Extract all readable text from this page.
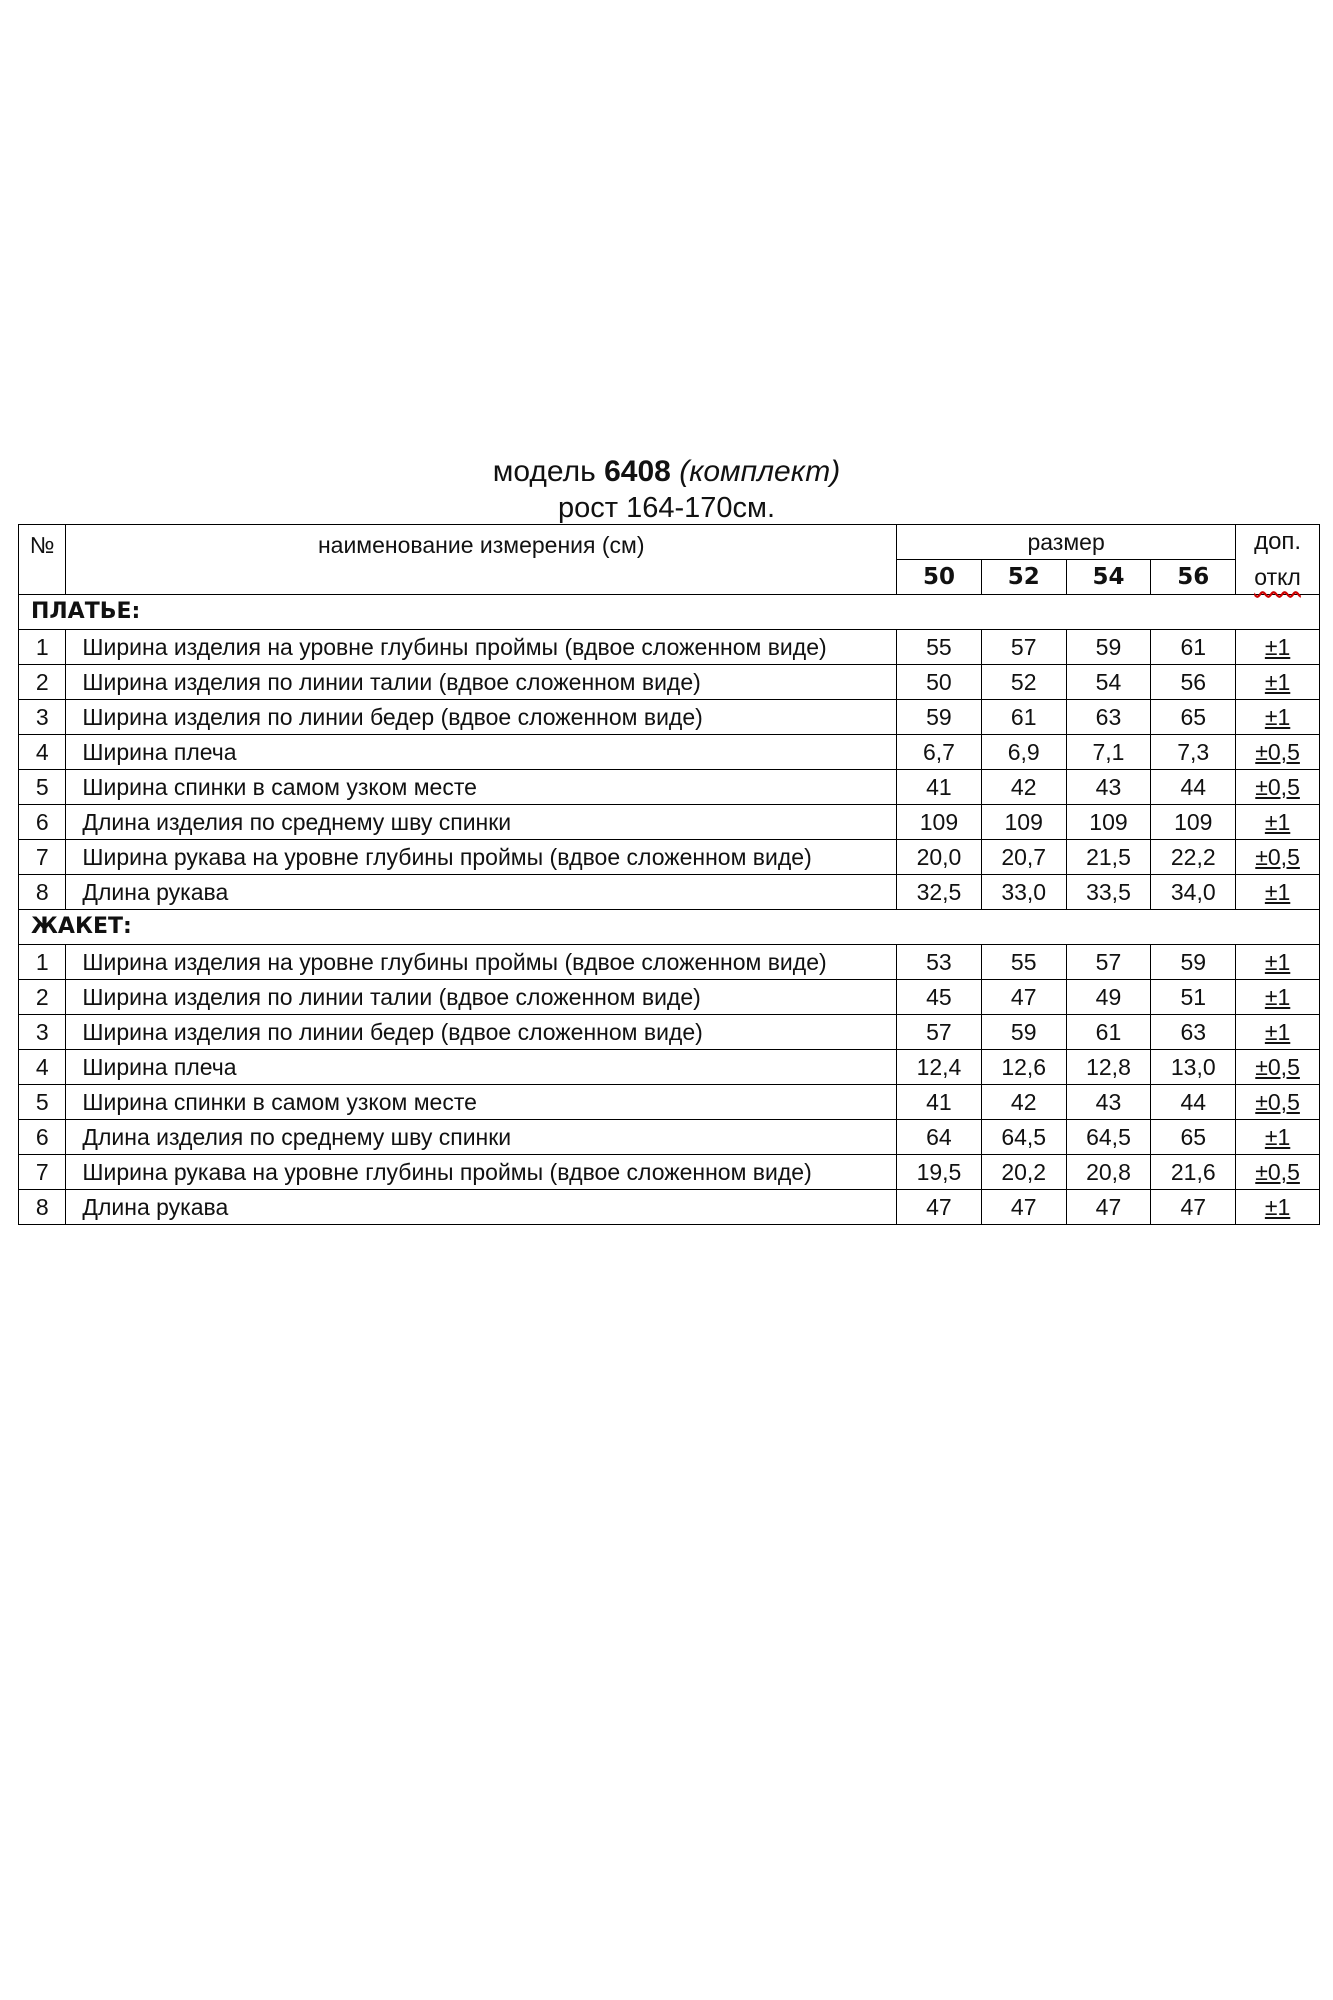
модель 6408 (комплект)
рост 164-170см.
№	наименование измерения (см)	размер				доп.
		50	52	54	56	откл
ПЛАТЬЕ:						
1	Ширина изделия на уровне глубины проймы (вдвое сложенном виде)	55	57	59	61	±1
2	Ширина изделия по линии талии (вдвое сложенном виде)	50	52	54	56	±1
3	Ширина изделия по линии бедер (вдвое сложенном виде)	59	61	63	65	±1
4	Ширина плеча	6,7	6,9	7,1	7,3	±0,5
5	Ширина спинки в самом узком месте	41	42	43	44	±0,5
6	Длина изделия по среднему шву спинки	109	109	109	109	±1
7	Ширина рукава на уровне глубины проймы (вдвое сложенном виде)	20,0	20,7	21,5	22,2	±0,5
8	Длина рукава	32,5	33,0	33,5	34,0	±1
ЖАКЕТ:						
1	Ширина изделия на уровне глубины проймы (вдвое сложенном виде)	53	55	57	59	±1
2	Ширина изделия по линии талии (вдвое сложенном виде)	45	47	49	51	±1
3	Ширина изделия по линии бедер (вдвое сложенном виде)	57	59	61	63	±1
4	Ширина плеча	12,4	12,6	12,8	13,0	±0,5
5	Ширина спинки в самом узком месте	41	42	43	44	±0,5
6	Длина изделия по среднему шву спинки	64	64,5	64,5	65	±1
7	Ширина рукава на уровне глубины проймы (вдвое сложенном виде)	19,5	20,2	20,8	21,6	±0,5
8	Длина рукава	47	47	47	47	±1
